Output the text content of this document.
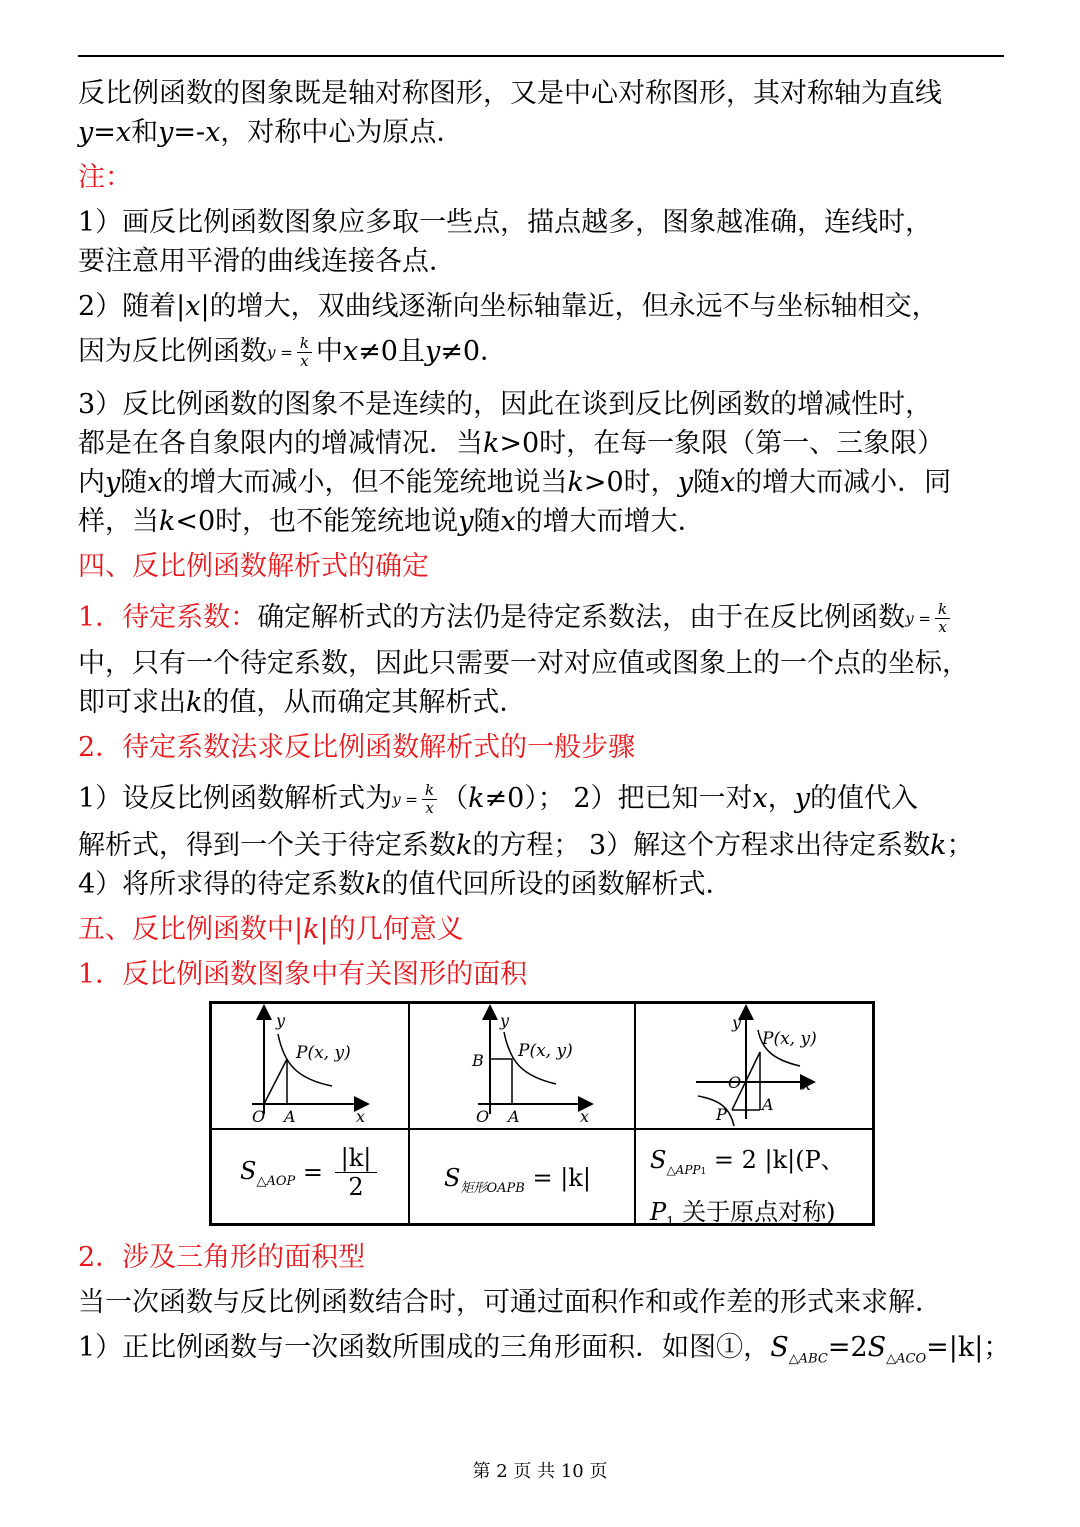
反比例函数的图象既是轴对称图形，又是中心对称图形，其对称轴为直线

y=x和y=-x，对称中心为原点．

注：

1）画反比例函数图象应多取一些点，描点越多，图象越准确，连线时，

要注意用平滑的曲线连接各点．

2）随着|x|的增大，双曲线逐渐向坐标轴靠近，但永远不与坐标轴相交，

因为反比例函数$y = \frac{k}{x}$ 中x≠0且y≠0．

3）反比例函数的图象不是连续的，因此在谈到反比例函数的增减性时，

都是在各自象限内的增减情况．当k>0时，在每一象限（第一、三象限）

内y随x的增大而减小，但不能笼统地说当k>0时，y随x的增大而减小．同

样，当k<0时，也不能笼统地说y随x的增大而增大．

四、反比例函数解析式的确定

1．待定系数：确定解析式的方法仍是待定系数法，由于在反比例函数$y = \frac{k}{x}$

中，只有一个待定系数，因此只需要一对对应值或图象上的一个点的坐标，

即可求出k的值，从而确定其解析式．

2．待定系数法求反比例函数解析式的一般步骤

1）设反比例函数解析式为$y = \frac{k}{x} (k\ne 0)$； 2）把已知一对x，y的值代入

解析式，得到一个关于待定系数k的方程； 3）解这个方程求出待定系数k；

4）将所求得的待定系数k的值代回所设的函数解析式．

五、反比例函数中|k|的几何意义

1．反比例函数图象中有关图形的面积

y
x
O A
P(x, y)
y
x
O A
B P(x, y)
y
x
O
A
P
P(x, y)
$S_{\triangle AOP} = \frac{|k|}{2}$	$S_{矩形OAPB} = |k|$
$S_{\triangle APP1} = 2$ |k|(P、
$P_1$ 关于原点对称)

2．涉及三角形的面积型

当一次函数与反比例函数结合时，可通过面积作和或作差的形式来求解．

1）正比例函数与一次函数所围成的三角形面积．如图①，$S_{\triangle ABC}=2S_{\triangle ACO}=|k|$；

第 2 页 共 10 页
